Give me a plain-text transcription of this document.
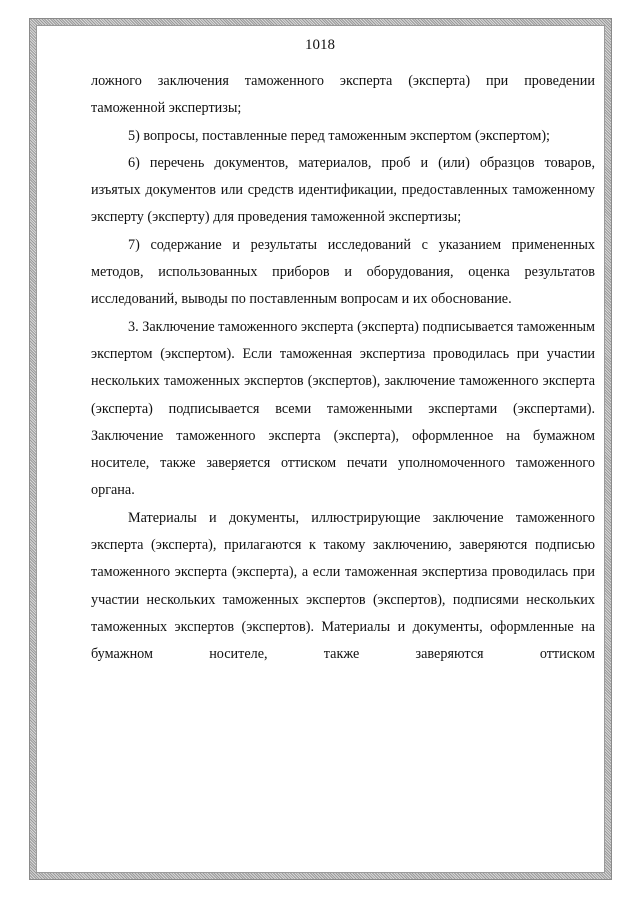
1018

ложного заключения таможенного эксперта (эксперта) при проведении таможенной экспертизы;

5) вопросы, поставленные перед таможенным экспертом (экспертом);

6) перечень документов, материалов, проб и (или) образцов товаров, изъятых документов или средств идентификации, предоставленных таможенному эксперту (эксперту) для проведения таможенной экспертизы;

7) содержание и результаты исследований с указанием примененных методов, использованных приборов и оборудования, оценка результатов исследований, выводы по поставленным вопросам и их обоснование.

3. Заключение таможенного эксперта (эксперта) подписывается таможенным экспертом (экспертом). Если таможенная экспертиза проводилась при участии нескольких таможенных экспертов (экспертов), заключение таможенного эксперта (эксперта) подписывается всеми таможенными экспертами (экспертами). Заключение таможенного эксперта (эксперта), оформленное на бумажном носителе, также заверяется оттиском печати уполномоченного таможенного органа.

Материалы и документы, иллюстрирующие заключение таможенного эксперта (эксперта), прилагаются к такому заключению, заверяются подписью таможенного эксперта (эксперта), а если таможенная экспертиза проводилась при участии нескольких таможенных экспертов (экспертов), подписями нескольких таможенных экспертов (экспертов). Материалы и документы, оформленные на бумажном носителе, также заверяются оттиском
